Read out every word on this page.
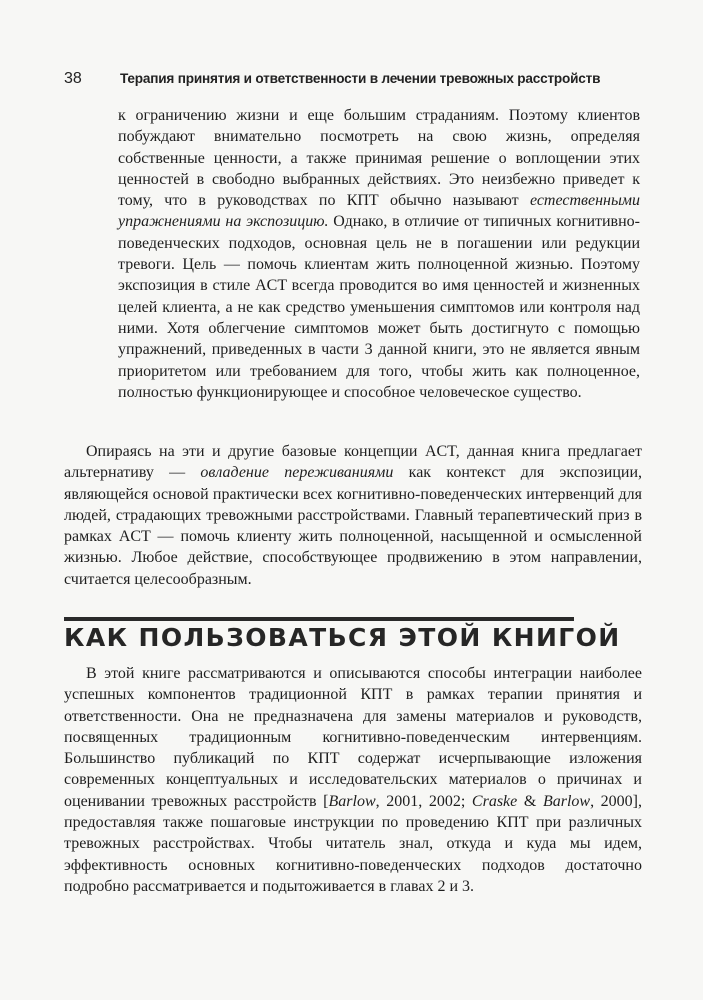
38	Терапия принятия и ответственности в лечении тревожных расстройств

к ограничению жизни и еще большим страданиям. Поэтому клиентов побуждают внимательно посмотреть на свою жизнь, определяя собственные ценности, а также принимая решение о воплощении этих ценностей в свободно выбранных действиях. Это неизбежно приведет к тому, что в руководствах по КПТ обычно называют естественными упражнениями на экспозицию. Однако, в отличие от типичных когнитивно-поведенческих подходов, основная цель не в погашении или редукции тревоги. Цель — помочь клиентам жить полноценной жизнью. Поэтому экспозиция в стиле ACT всегда проводится во имя ценностей и жизненных целей клиента, а не как средство уменьшения симптомов или контроля над ними. Хотя облегчение симптомов может быть достигнуто с помощью упражнений, приведенных в части 3 данной книги, это не является явным приоритетом или требованием для того, чтобы жить как полноценное, полностью функционирующее и способное человеческое существо.

Опираясь на эти и другие базовые концепции ACT, данная книга предлагает альтернативу — овладение переживаниями как контекст для экспозиции, являющейся основой практически всех когнитивно-поведенческих интервенций для людей, страдающих тревожными расстройствами. Главный терапевтический приз в рамках ACT — помочь клиенту жить полноценной, насыщенной и осмысленной жизнью. Любое действие, способствующее продвижению в этом направлении, считается целесообразным.

КАК ПОЛЬЗОВАТЬСЯ ЭТОЙ КНИГОЙ

В этой книге рассматриваются и описываются способы интеграции наиболее успешных компонентов традиционной КПТ в рамках терапии принятия и ответственности. Она не предназначена для замены материалов и руководств, посвященных традиционным когнитивно-поведенческим интервенциям. Большинство публикаций по КПТ содержат исчерпывающие изложения современных концептуальных и исследовательских материалов о причинах и оценивании тревожных расстройств [Barlow, 2001, 2002; Craske & Barlow, 2000], предоставляя также пошаговые инструкции по проведению КПТ при различных тревожных расстройствах. Чтобы читатель знал, откуда и куда мы идем, эффективность основных когнитивно-поведенческих подходов достаточно подробно рассматривается и подытоживается в главах 2 и 3.
